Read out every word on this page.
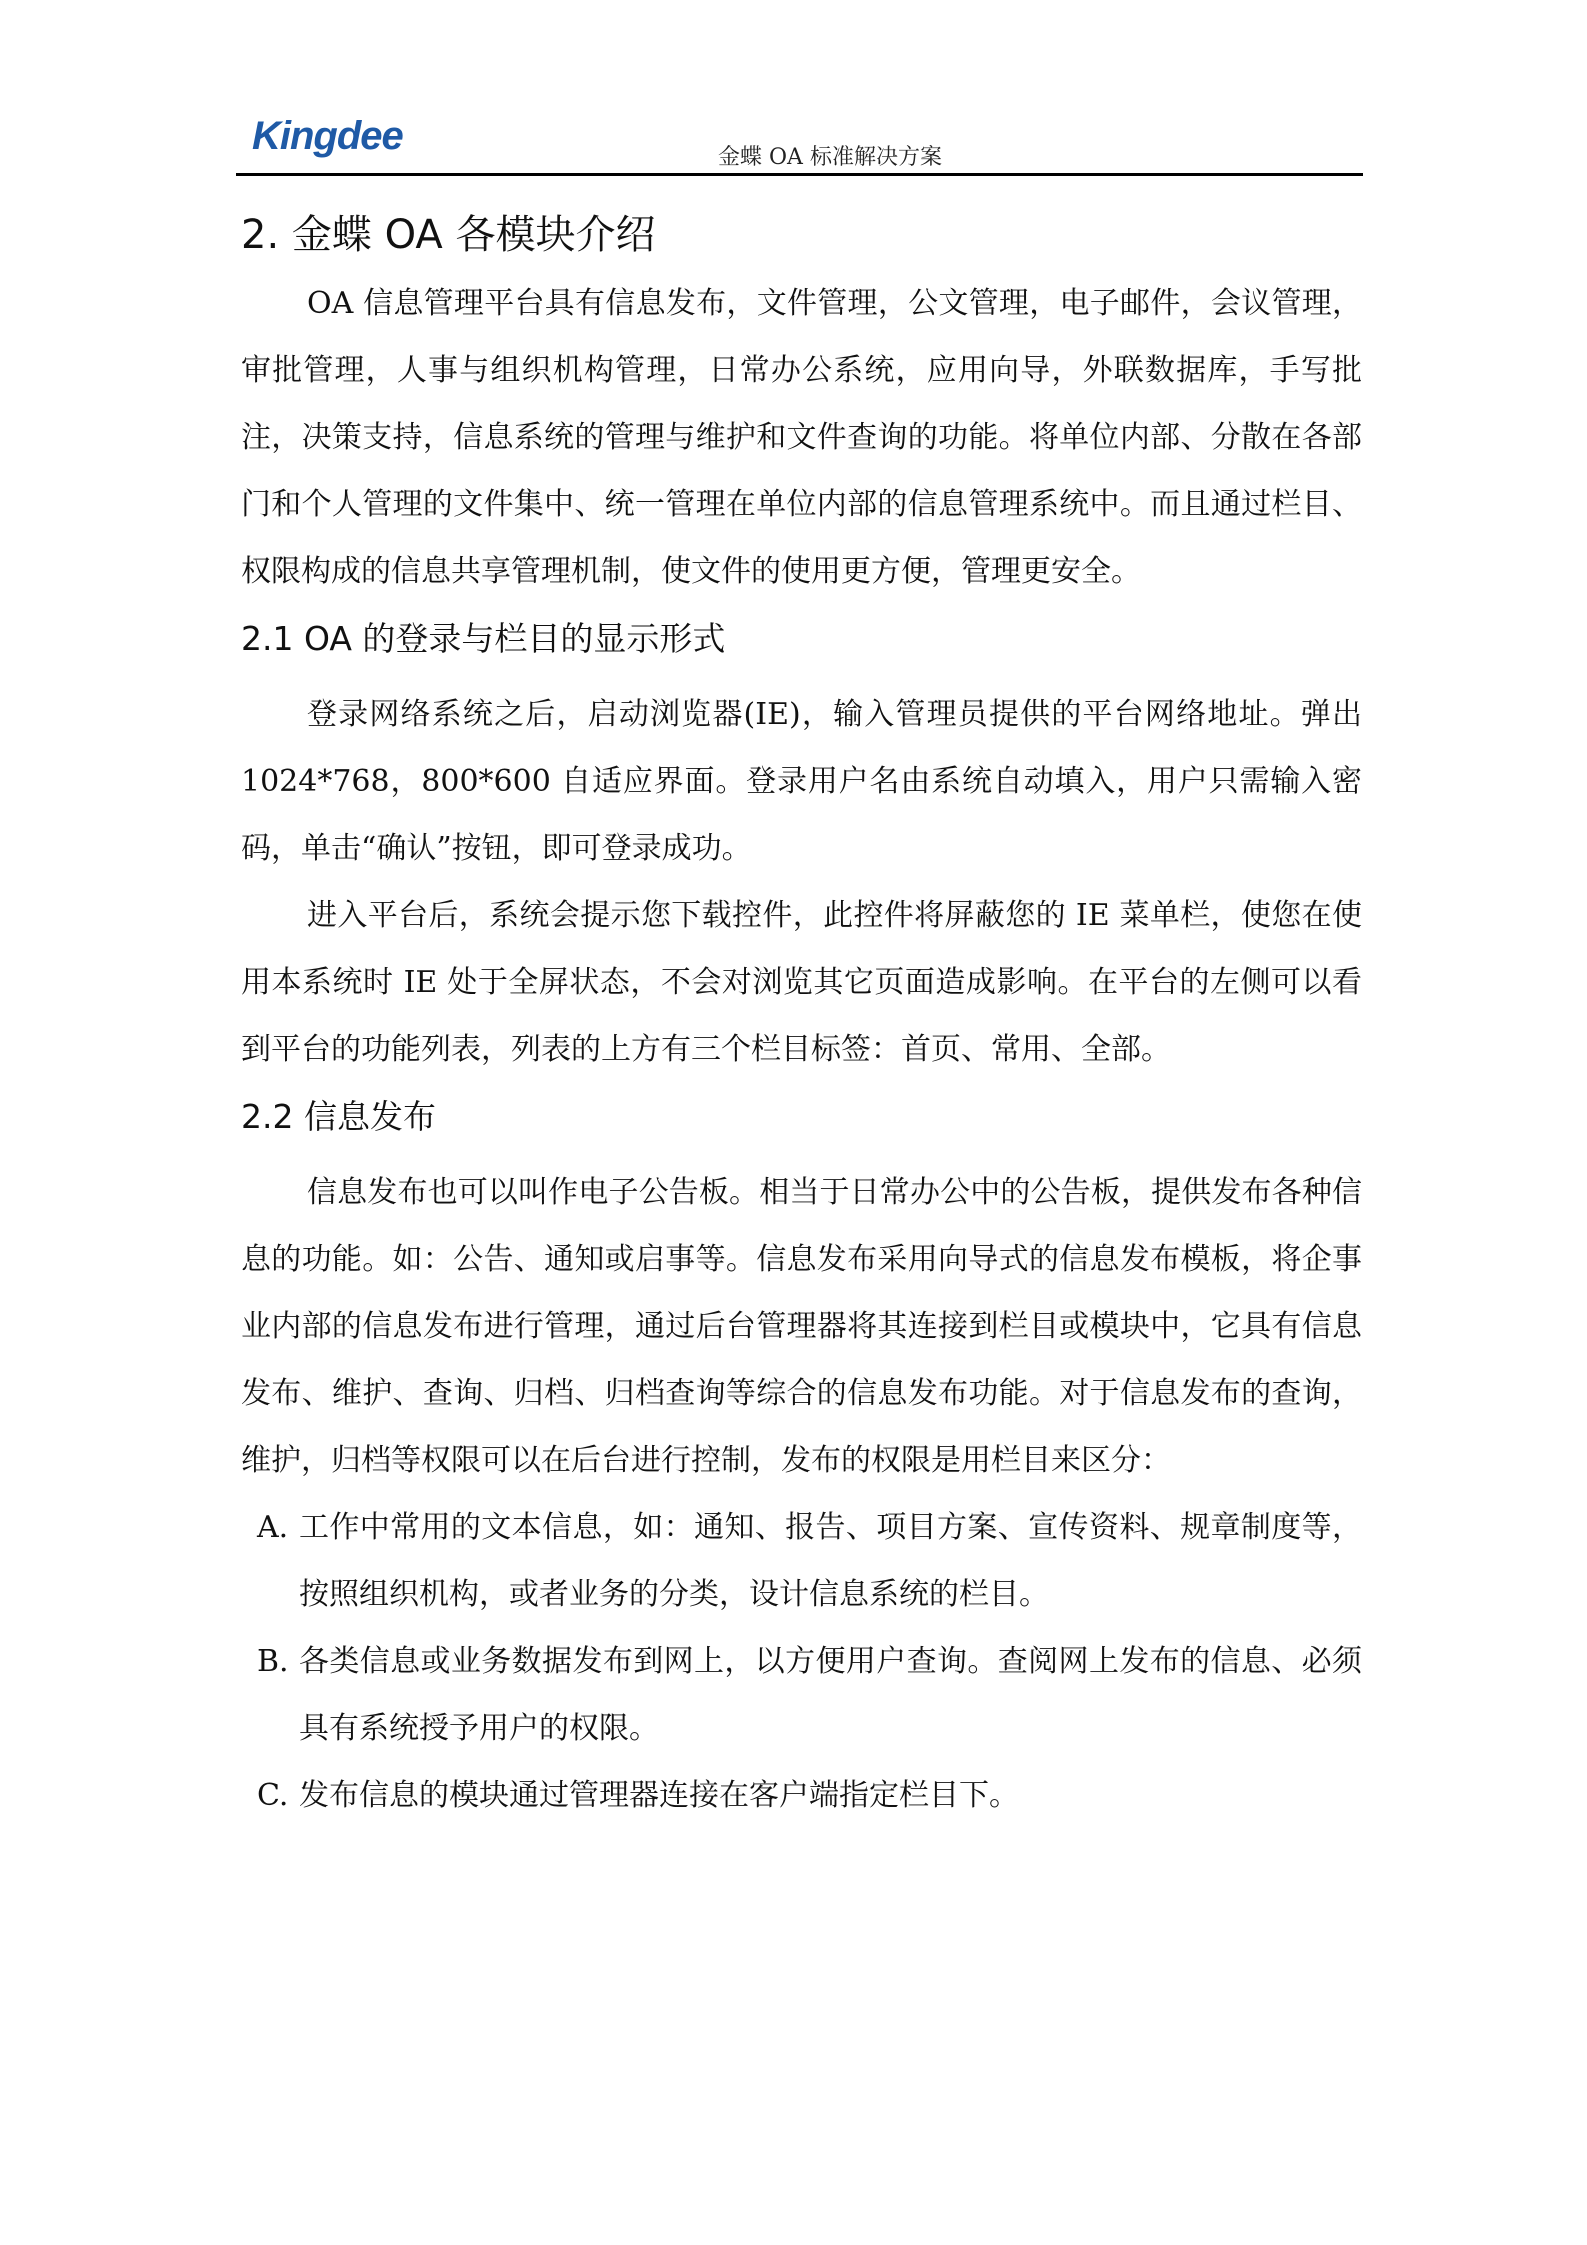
Kingdee	金蝶 OA 标准解决方案
2. 金蝶 OA 各模块介绍

OA 信息管理平台具有信息发布，文件管理，公文管理，电子邮件，会议管理，审批管理，人事与组织机构管理，日常办公系统，应用向导，外联数据库，手写批注，决策支持，信息系统的管理与维护和文件查询的功能。将单位内部、分散在各部门和个人管理的文件集中、统一管理在单位内部的信息管理系统中。而且通过栏目、权限构成的信息共享管理机制，使文件的使用更方便，管理更安全。

2.1 OA 的登录与栏目的显示形式

登录网络系统之后，启动浏览器(IE)，输入管理员提供的平台网络地址。弹出 1024*768，800*600 自适应界面。登录用户名由系统自动填入，用户只需输入密码，单击“确认”按钮，即可登录成功。

进入平台后，系统会提示您下载控件，此控件将屏蔽您的 IE 菜单栏，使您在使用本系统时 IE 处于全屏状态，不会对浏览其它页面造成影响。在平台的左侧可以看到平台的功能列表，列表的上方有三个栏目标签：首页、常用、全部。

2.2 信息发布

信息发布也可以叫作电子公告板。相当于日常办公中的公告板，提供发布各种信息的功能。如：公告、通知或启事等。信息发布采用向导式的信息发布模板，将企事业内部的信息发布进行管理，通过后台管理器将其连接到栏目或模块中，它具有信息发布、维护、查询、归档、归档查询等综合的信息发布功能。对于信息发布的查询，维护，归档等权限可以在后台进行控制，发布的权限是用栏目来区分：

A. 工作中常用的文本信息，如：通知、报告、项目方案、宣传资料、规章制度等，按照组织机构，或者业务的分类，设计信息系统的栏目。
B. 各类信息或业务数据发布到网上，以方便用户查询。查阅网上发布的信息、必须具有系统授予用户的权限。
C. 发布信息的模块通过管理器连接在客户端指定栏目下。
